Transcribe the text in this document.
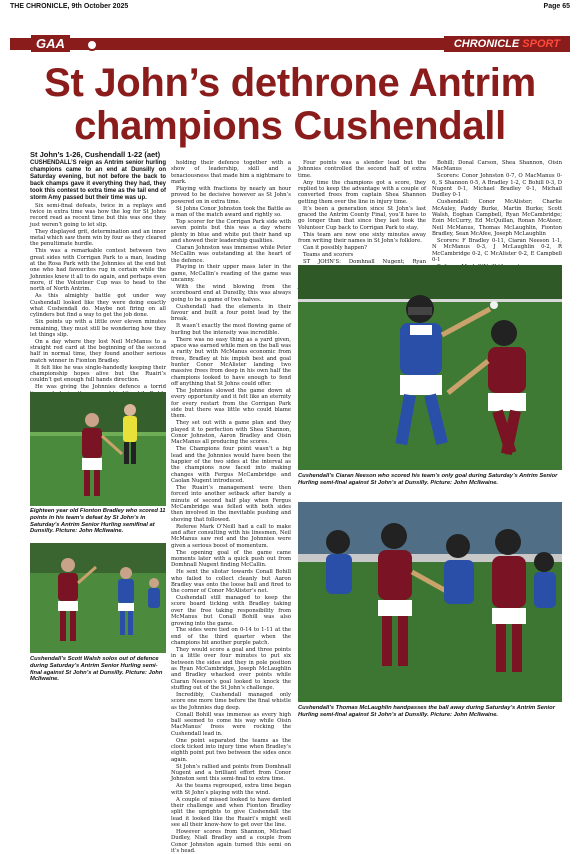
THE CHRONICLE, 9th October 2025	Page 65
GAA	CHRONICLE SPORT
St John’s dethrone Antrim
champions Cushendall
St John’s 1-26, Cushendall 1-22 (aet)

CUSHENDALL’S reign as Antrim senior hurling champions came to an end at Dunsilly on Saturday evening, but not before the back to back champs gave it everything they had, they took this contest to extra time as the tail end of storm Amy passed but their time was up.

Six semi-final defeats, twice in a replays and twice in extra time was how the log for St Johns record read as recent time but this was one they just weren’t going to let slip.

They displayed grit, determination and an inner metal which saw them win by four as they cleared the penultimate hurdle.

This was a remarkable contest between two great sides with Corrigan Park to a man, leading at the Rosa Park with the Johnnies at the end but one who had favourites rug in certain while the Johnnies knew it all to do again, and perhaps even more, if the Volunteer Cup was to head to the north of North Antrim.

As this almighty battle got under way Cushendall looked like they were doing exactly what Cushendall do. Maybe not firing on all cylinders but find a way to get the job done.

Six points up with a little over eleven minutes remaining, they must still be wondering how they let things slip.

On a day where they lost Neil McManus to a straight red card at the beginning of the second half in normal time, they found another serious match winner in Fionton Bradley.

It felt like he was single-handedly keeping their championship hopes alive but the Ruairi’s couldn’t get enough full hands direction.

He was giving the Johnnies defence a torrid

holding their defence together with a show of leadership, skill and a tenaciousness that made him a nightmare to mark.

Playing with fractions by nearly an hour proved to be decisive however as St John’s powered on in extra time.

St Johns Conor Johnston took the Battle as a man of the match award and rightly so.

Top scorer for the Corrigan Park side with seven points but this was a day where plenty in blue and white put their hand up and showed their leadership qualities.

Ciaran Johnston was immense while Peter McCallin was outstanding at the heart of the defence.

Playing in their upper mass later in the game, McCallin’s reading of the game was uncanny.

With the wind blowing from the scoreboard end at Dunsilly, this was always going to be a game of two halves.

Cushendall had the elements in their favour and built a four point lead by the break.

It wasn’t exactly the most flowing game of hurling but the intensity was incredible.

There was no easy thing as a yard given, space was earned while men on the ball was a rarity but with McManus economic from frees, Bradley at his impish best and goal hunter Conor McAlister landing two massive frees from deep in his own half the champions looked to have enough to fend off anything that St Johns could offer.

The Johnnies slowed the game down at every opportunity and it felt like an eternity for every restart from the Corrigan Park side but there was little who could blame them.

They set out with a game plan and they played it to perfection with Shea Shannon, Conor Johnston, Aaron Bradley and Oisin MacManus all producing the scores.

The Champions four point wasn’t a big lead and the Johnnies would have been the happier of the two sides at the interval as the champions now faced into making changes with Fergus McCambridge and Caolan Nugent introduced.

The Ruairi’s management were then forced into another setback after barely a minute of second half play when Fergus McCambridge was felled with both sides then involved in the inevitable pushing and shoving that followed.

Referee Mark O’Neill had a call to make and after consulting with his linesmen, Neil McManus saw red and the Johnnies were given a serious boost of momentum.

The opening goal of the game came moments later with a quick push out from Domhnall Nugent finding McCallin.

He sent the sliotar towards Conall Bohill who failed to collect cleanly but Aaron Bradley was onto the loose ball and fired to the corner of Conor McAlister’s net.

Cushendall still managed to keep the score board ticking with Bradley taking over the free taking responsibility from McManus but Conall Bohill was also growing into the game.

The sides were tied on 0-14 to 1-11 at the end of the third quarter when the champions hit another purple patch.

They would score a goal and three points in a little over four minutes to put six between the sides and they in pole position as Ryan McCambridge, Joseph McLaughlin and Bradley whacked over points while Ciaran Neeson’s goal looked to knock the stuffing out of the St John’s challenge.

Incredibly, Cushendall managed only score one more time before the final whistle as the Johnnies dug deep.

Conall Bohill was immense as every high ball seemed to come his way while Oisin MacManus’ frees were rocking the Cushendall lead in.

One point separated the teams as the clock ticked into injury time when Bradley’s eighth point put two between the sides once again.

St John’s rallied and points from Domhnall Nugent and a brilliant effort from Conor Johnston sent this semi-final to extra time.

As the teams regrouped, extra time began with St John’s playing with the wind.

A couple of missed looked to have dented their challenge and when Fionton Bradley split the uprights to give Cushendall the lead it looked like the Ruairi’s might well see all their know-how to get over the line.

However scores from Shannon, Michael Dudley, Niall Bradley and a couple from Conor Johnston again turned this semi on it’s head.

Four points was a slender lead but the Johnnies controlled the second half of extra time.

Any time the champions got a score, they replied to keep the advantage with a couple of converted frees from captain Shea Shannon getting them over the line in injury time.

It’s been a generation since St John’s last graced the Antrim County Final, you’ll have to go longer than that since they last took the Volunteer Cup back to Corrigan Park to stay.

This team are now one sixty minutes away from writing their names in St John’s folklore.

Can it possibly happen?

Teams and scorers

ST JOHN’S: Domhnall Nugent; Ryan

Bohill; Donal Carson, Shea Shannon, Oisin MacManus

Scorers: Conor Johnston 0-7, O MacManus 0-6, S Shannon 0-5, A Bradley 1-2, C Bohill 0-3, D Nugent 0-1, Michael Bradley 0-1, Michail Dudley 0-1

Cushendall: Conor McAlister; Charlie McAuley, Paddy Burke, Martin Burke; Scott Walsh, Eoghan Campbell, Ryan McCambridge; Eoin McCurry, Ed McQuillan, Ronan McAteer, Neil McManus, Thomas McLaughlin, Fionton Bradley, Sean McAfee, Joseph McLaughlin

Scorers: F Bradley 0-11, Ciaran Neeson 1-1, N McManus 0-3, J McLaughlin 0-2, R McCambridge 0-2, C McAlister 0-2, E Campbell 0-1

Eighteen year old Fionton Bradley who scored 11 points in his team’s defeat by St John’s in Saturday’s Antrim Senior Hurling semifinal at Dunsilly. Picture: John McIlwaine.
Cushendall’s Scott Walsh solos out of defence during Saturday’s Antrim Senior Hurling semi-final against St John’s at Dunsilly. Picture: John McIlwaine.
Cushendall’s Ciaran Neeson who scored his team’s only goal during Saturday’s Antrim Senior Hurling semi-final against St John’s at Dunsilly. Picture: John McIlwaine.
Cushendall’s Thomas McLaughlin handpasses the ball away during Saturday’s Antrim Senior Hurling semi-final against St John’s at Dunsilly. Picture: John McIlwaine.
